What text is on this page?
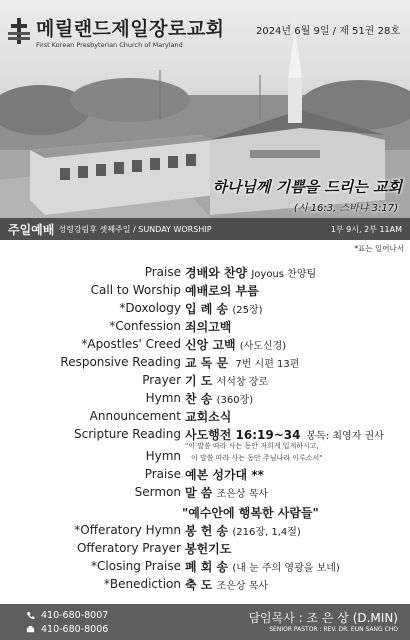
메릴랜드제일장로교회
First Korean Presbyterian Church of Maryland
2024년 6월 9일 / 제 51권 28호
하나님께 기쁨을 드리는 교회
(시 16:3, 스바냐 3:17)
주일예배 성령강림후 셋째주일 / SUNDAY WORSHIP	1부 9시, 2부 11AM
*표는 일어나서
Praise 경배와 찬양 Joyous 찬양팀
Call to Worship 예배로의 부름
*Doxology 입 례 송 (25장)
*Confession 죄의고백
*Apostles' Creed 신앙 고백 (사도신경)
Responsive Reading 교 독 문 7번 시편 13편
Prayer 기 도 서석창 장로
Hymn 찬 송 (360장)
Announcement 교회소식
Scripture Reading 사도행전 16:19~34 봉독: 최영자 권사
Hymn
"이 말씀 따라 사는 동안 저희게 입게하시고,
이 말씀 따라 사는 동안 주님나라 이루소서"
Praise 예본 성가대 **
Sermon 말 씀 조은상 목사
"예수안에 행복한 사람들"
*Offeratory Hymn 봉 헌 송 (216장, 1,4절)
Offeratory Prayer 봉헌기도
*Closing Praise 폐 회 송 (내 눈 주의 영광을 보네)
*Benediction 축 도 조은상 목사
410-680-8007
410-680-8006
담임목사 : 조 은 상 (D.MIN)
SENIOR PASTOR : REV. DR. EUN SANG CHO
